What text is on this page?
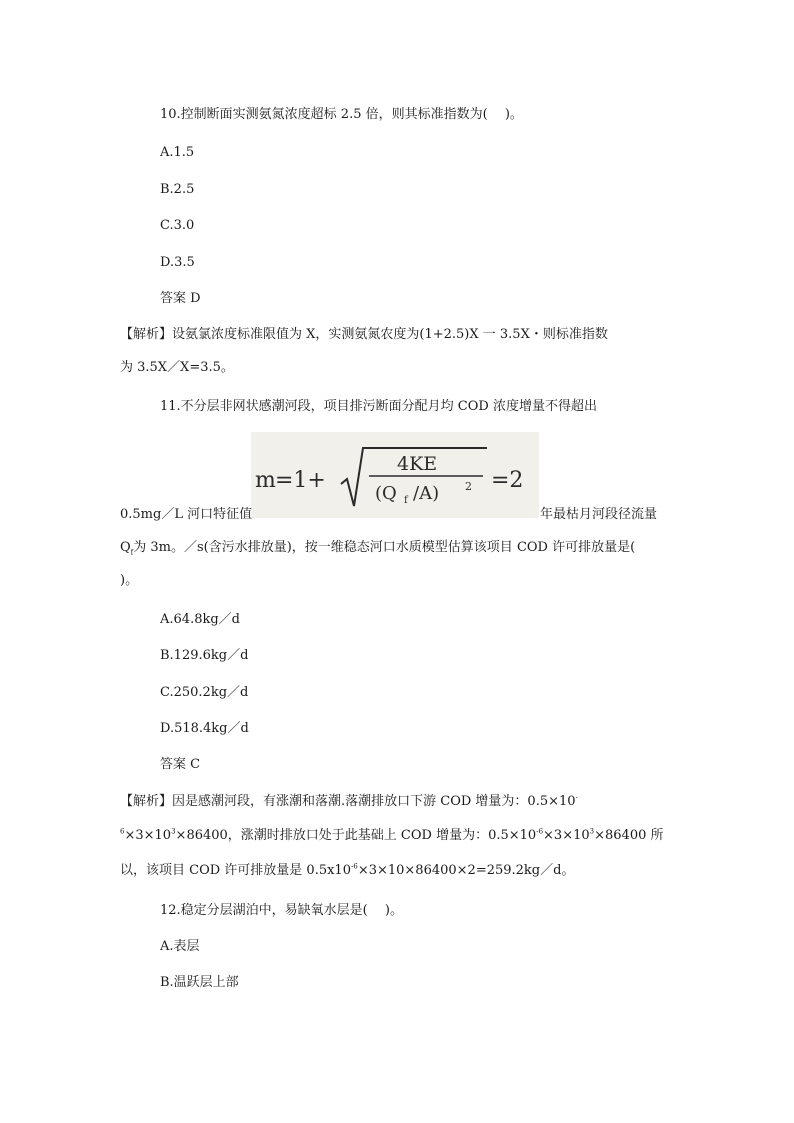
10.控制断面实测氨氮浓度超标 2.5 倍，则其标准指数为(  )。
A.1.5
B.2.5
C.3.0
D.3.5
答案 D
【解析】设氨氯浓度标准限值为 X，实测氨氮农度为(1+2.5)X 一 3.5X・则标准指数
为 3.5X／X=3.5。
11.不分层非网状感潮河段，项目排污断面分配月均 COD 浓度增量不得超出
m =1+
4KE
(Q f /A) 2 =2
0.5mg／L 河口特征值	年最枯月河段径流量
$Q_f$为 3m。／s(含污水排放量)，按一维稳态河口水质模型估算该项目 COD 许可排放量是(
)。
A.64.8kg／d
B.129.6kg／d
C.250.2kg／d
D.518.4kg／d
答案 C
【解析】因是感潮河段，有涨潮和落潮.落潮排放口下游 COD 增量为：0.5×10-
$^6\times 3\times 10^3\times 86400$，涨潮时排放口处于此基础上 COD 增量为：$0.5\times 10^{-6}\times 3\times 10^3\times 86400$ 所
以，该项目 COD 许可排放量是 $0.5x10^{-6}\times 3\times 10\times 86400\times 2=259.2kg/d$。
12.稳定分层湖泊中，易缺氧水层是(  )。
A.表层
B.温跃层上部
